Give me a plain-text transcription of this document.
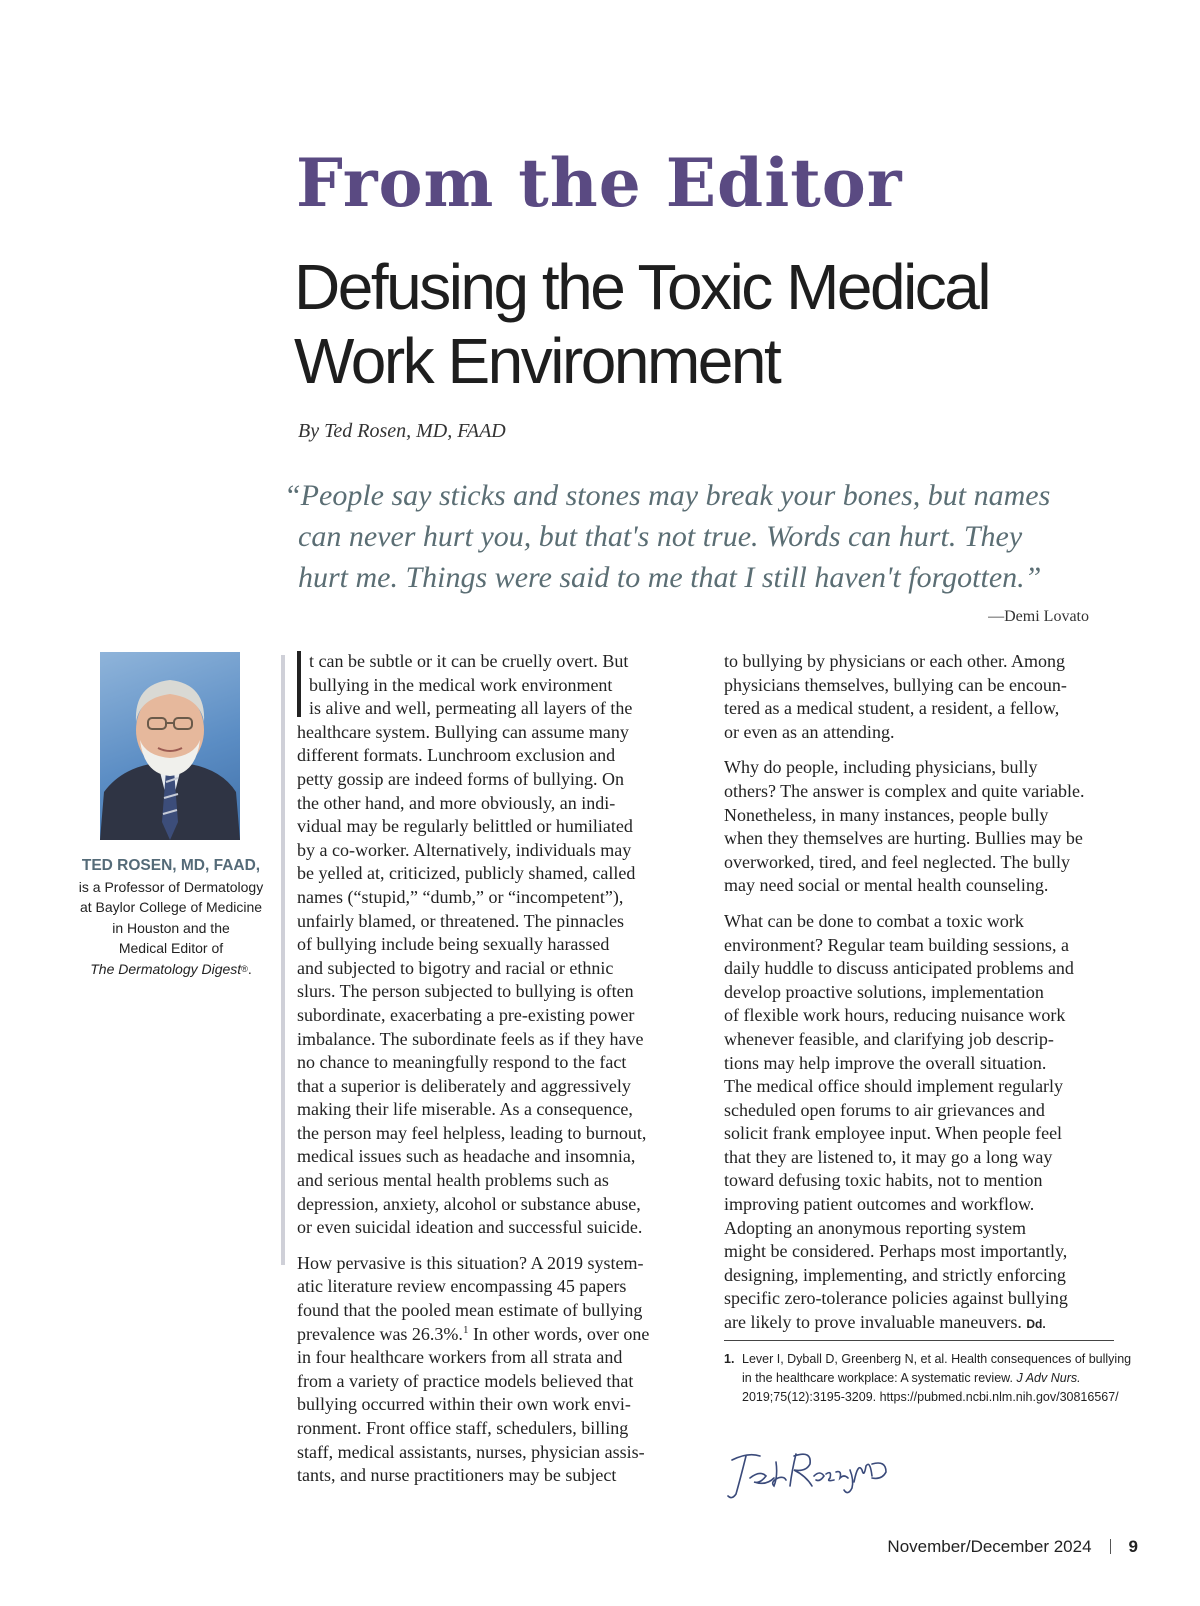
From the Editor
Defusing the Toxic Medical
Work Environment
By Ted Rosen, MD, FAAD
“People say sticks and stones may break your bones, but names
can never hurt you, but that's not true. Words can hurt. They
hurt me. Things were said to me that I still haven't forgotten.”
—Demi Lovato
TED ROSEN, MD, FAAD,
is a Professor of Dermatology
at Baylor College of Medicine
in Houston and the
Medical Editor of
The Dermatology Digest®.

t can be subtle or it can be cruelly overt. But
bullying in the medical work environment
is alive and well, permeating all layers of the
healthcare system. Bullying can assume many
different formats. Lunchroom exclusion and
petty gossip are indeed forms of bullying. On
the other hand, and more obviously, an indi-
vidual may be regularly belittled or humiliated
by a co-worker. Alternatively, individuals may
be yelled at, criticized, publicly shamed, called
names (“stupid,” “dumb,” or “incompetent”),
unfairly blamed, or threatened. The pinnacles
of bullying include being sexually harassed
and subjected to bigotry and racial or ethnic
slurs. The person subjected to bullying is often
subordinate, exacerbating a pre-existing power
imbalance. The subordinate feels as if they have
no chance to meaningfully respond to the fact
that a superior is deliberately and aggressively
making their life miserable. As a consequence,
the person may feel helpless, leading to burnout,
medical issues such as headache and insomnia,
and serious mental health problems such as
depression, anxiety, alcohol or substance abuse,
or even suicidal ideation and successful suicide.

How pervasive is this situation? A 2019 system-
atic literature review encompassing 45 papers
found that the pooled mean estimate of bullying
prevalence was 26.3%.$^1$ In other words, over one
in four healthcare workers from all strata and
from a variety of practice models believed that
bullying occurred within their own work envi-
ronment. Front office staff, schedulers, billing
staff, medical assistants, nurses, physician assis-
tants, and nurse practitioners may be subject

to bullying by physicians or each other. Among
physicians themselves, bullying can be encoun-
tered as a medical student, a resident, a fellow,
or even as an attending.

Why do people, including physicians, bully
others? The answer is complex and quite variable.
Nonetheless, in many instances, people bully
when they themselves are hurting. Bullies may be
overworked, tired, and feel neglected. The bully
may need social or mental health counseling.

What can be done to combat a toxic work
environment? Regular team building sessions, a
daily huddle to discuss anticipated problems and
develop proactive solutions, implementation
of flexible work hours, reducing nuisance work
whenever feasible, and clarifying job descrip-
tions may help improve the overall situation.
The medical office should implement regularly
scheduled open forums to air grievances and
solicit frank employee input. When people feel
that they are listened to, it may go a long way
toward defusing toxic habits, not to mention
improving patient outcomes and workflow.
Adopting an anonymous reporting system
might be considered. Perhaps most importantly,
designing, implementing, and strictly enforcing
specific zero-tolerance policies against bullying
are likely to prove invaluable maneuvers. Dd.

1. Lever I, Dyball D, Greenberg N, et al. Health consequences of bullying
in the healthcare workplace: A systematic review. J Adv Nurs.
2019;75(12):3195-3209. https://pubmed.ncbi.nlm.nih.gov/30816567/
November/December 2024 9
